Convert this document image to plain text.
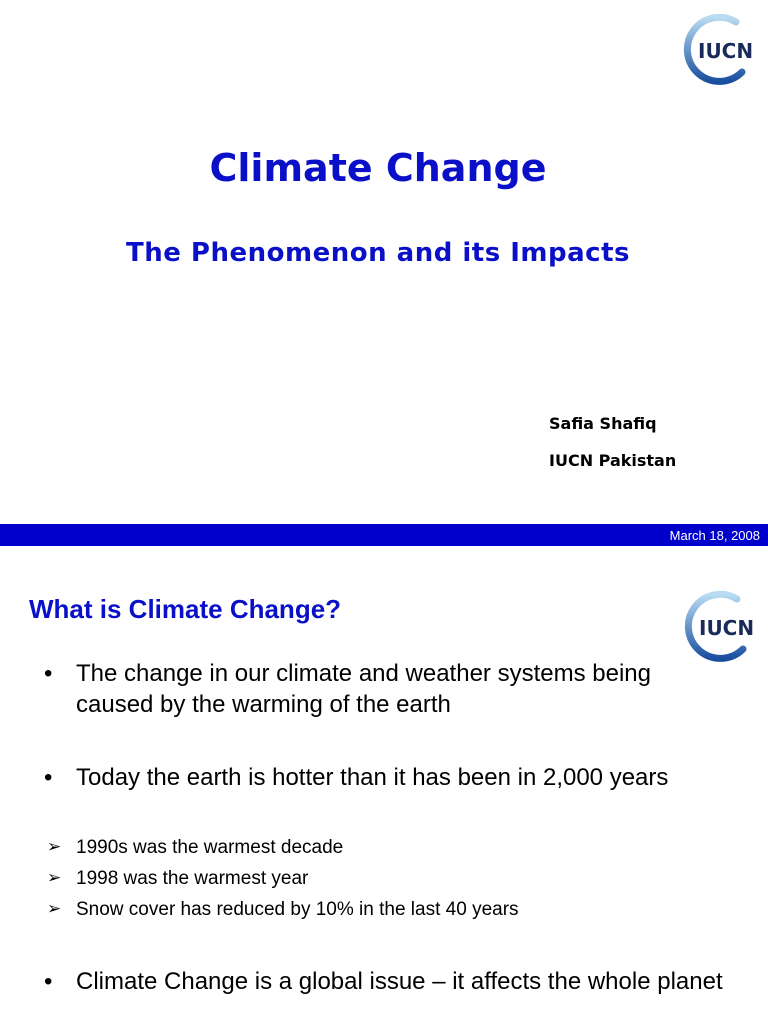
IUCN
Climate Change
The Phenomenon and its Impacts
Safia Shafiq
IUCN Pakistan
March 18, 2008
IUCN
What is Climate Change?
• The change in our climate and weather systems being caused by the warming of the earth
• Today the earth is hotter than it has been in 2,000 years
➢ 1990s was the warmest decade
➢ 1998 was the warmest year
➢ Snow cover has reduced by 10% in the last 40 years
• Climate Change is a global issue – it affects the whole planet
